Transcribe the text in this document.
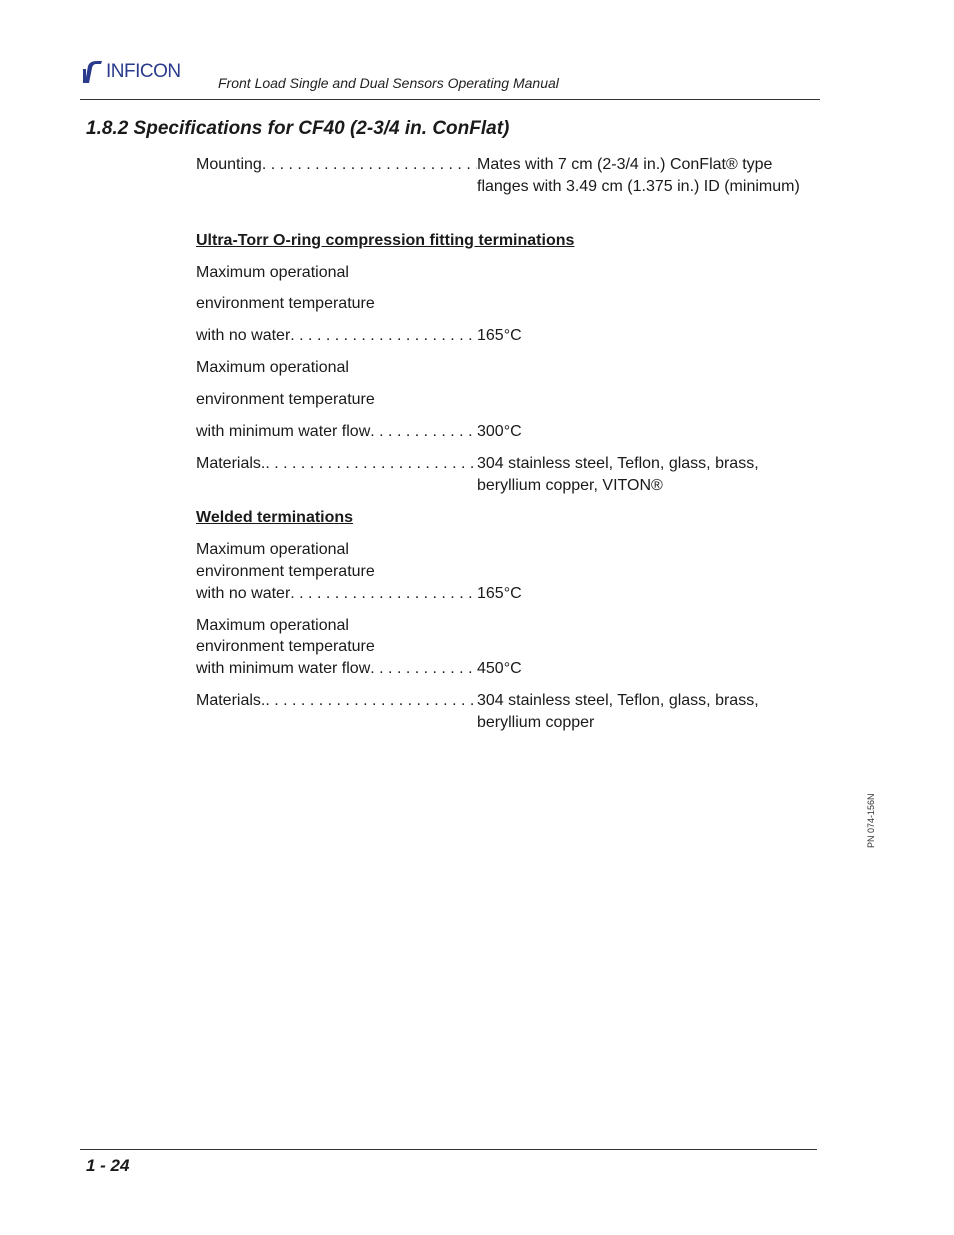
INFICON
Front Load Single and Dual Sensors Operating Manual
1.8.2 Specifications for CF40 (2-3/4 in. ConFlat)
Mounting . . .	Mates with 7 cm (2-3/4 in.) ConFlat® type flanges with 3.49 cm (1.375 in.) ID (minimum)
Ultra-Torr O-ring compression fitting terminations
Maximum operational
environment temperature
with no water . . .	165°C
Maximum operational
environment temperature
with minimum water flow . . .	300°C
Materials. . . .	304 stainless steel, Teflon, glass, brass, beryllium copper, VITON®
Welded terminations
Maximum operational
environment temperature
with no water . . .	165°C
Maximum operational
environment temperature
with minimum water flow . . .	450°C
Materials. . . .	304 stainless steel, Teflon, glass, brass, beryllium copper
PN 074-156N
1 - 24
